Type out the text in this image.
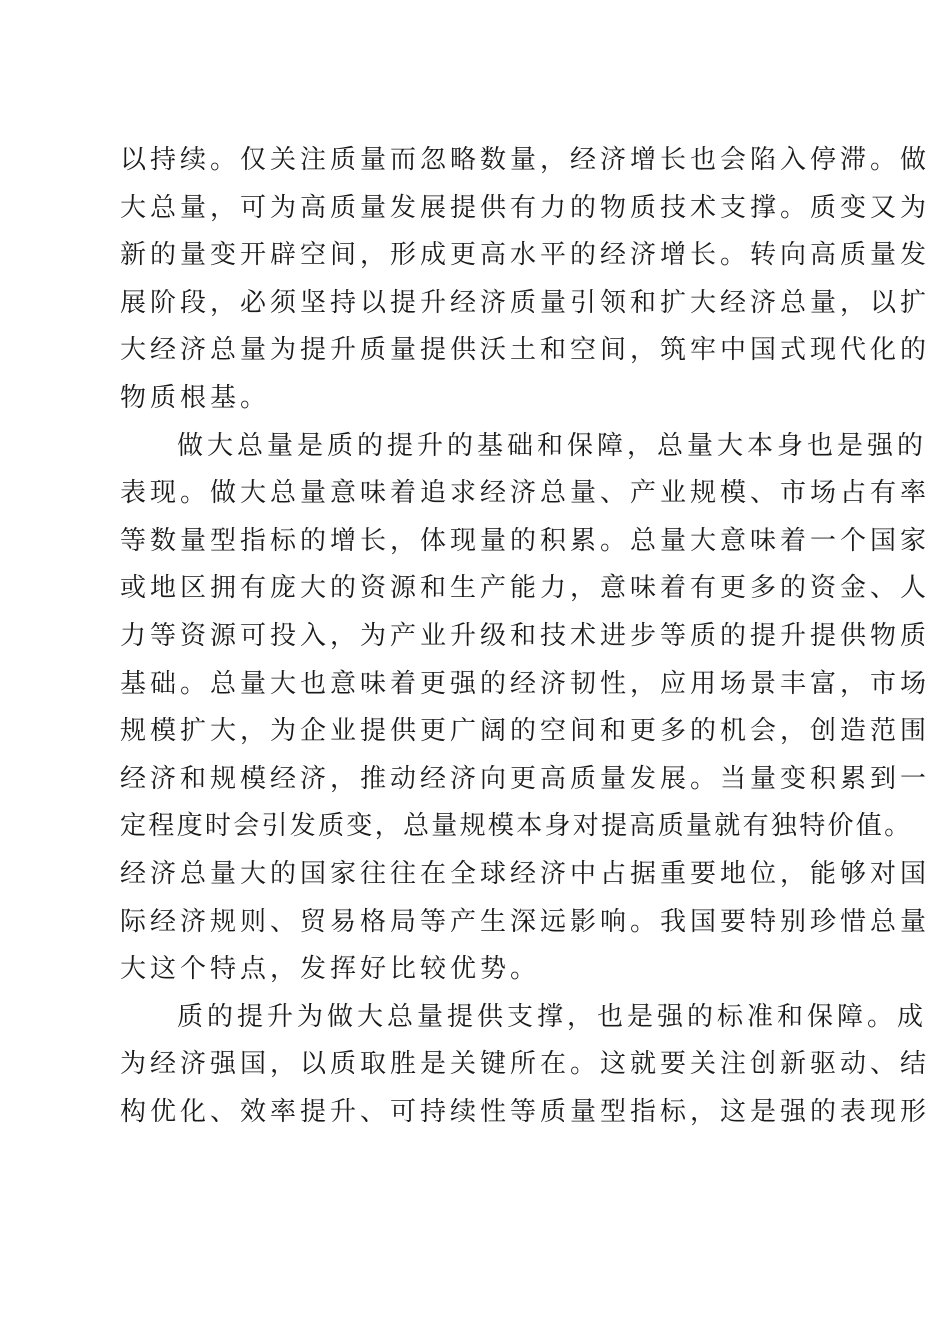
以持续。仅关注质量而忽略数量，经济增长也会陷入停滞。做
大总量，可为高质量发展提供有力的物质技术支撑。质变又为
新的量变开辟空间，形成更高水平的经济增长。转向高质量发
展阶段，必须坚持以提升经济质量引领和扩大经济总量，以扩
大经济总量为提升质量提供沃土和空间，筑牢中国式现代化的
物质根基。
做大总量是质的提升的基础和保障，总量大本身也是强的
表现。做大总量意味着追求经济总量、产业规模、市场占有率
等数量型指标的增长，体现量的积累。总量大意味着一个国家
或地区拥有庞大的资源和生产能力，意味着有更多的资金、人
力等资源可投入，为产业升级和技术进步等质的提升提供物质
基础。总量大也意味着更强的经济韧性，应用场景丰富，市场
规模扩大，为企业提供更广阔的空间和更多的机会，创造范围
经济和规模经济，推动经济向更高质量发展。当量变积累到一
定程度时会引发质变，总量规模本身对提高质量就有独特价值。
经济总量大的国家往往在全球经济中占据重要地位，能够对国
际经济规则、贸易格局等产生深远影响。我国要特别珍惜总量
大这个特点，发挥好比较优势。
质的提升为做大总量提供支撑，也是强的标准和保障。成
为经济强国，以质取胜是关键所在。这就要关注创新驱动、结
构优化、效率提升、可持续性等质量型指标，这是强的表现形
